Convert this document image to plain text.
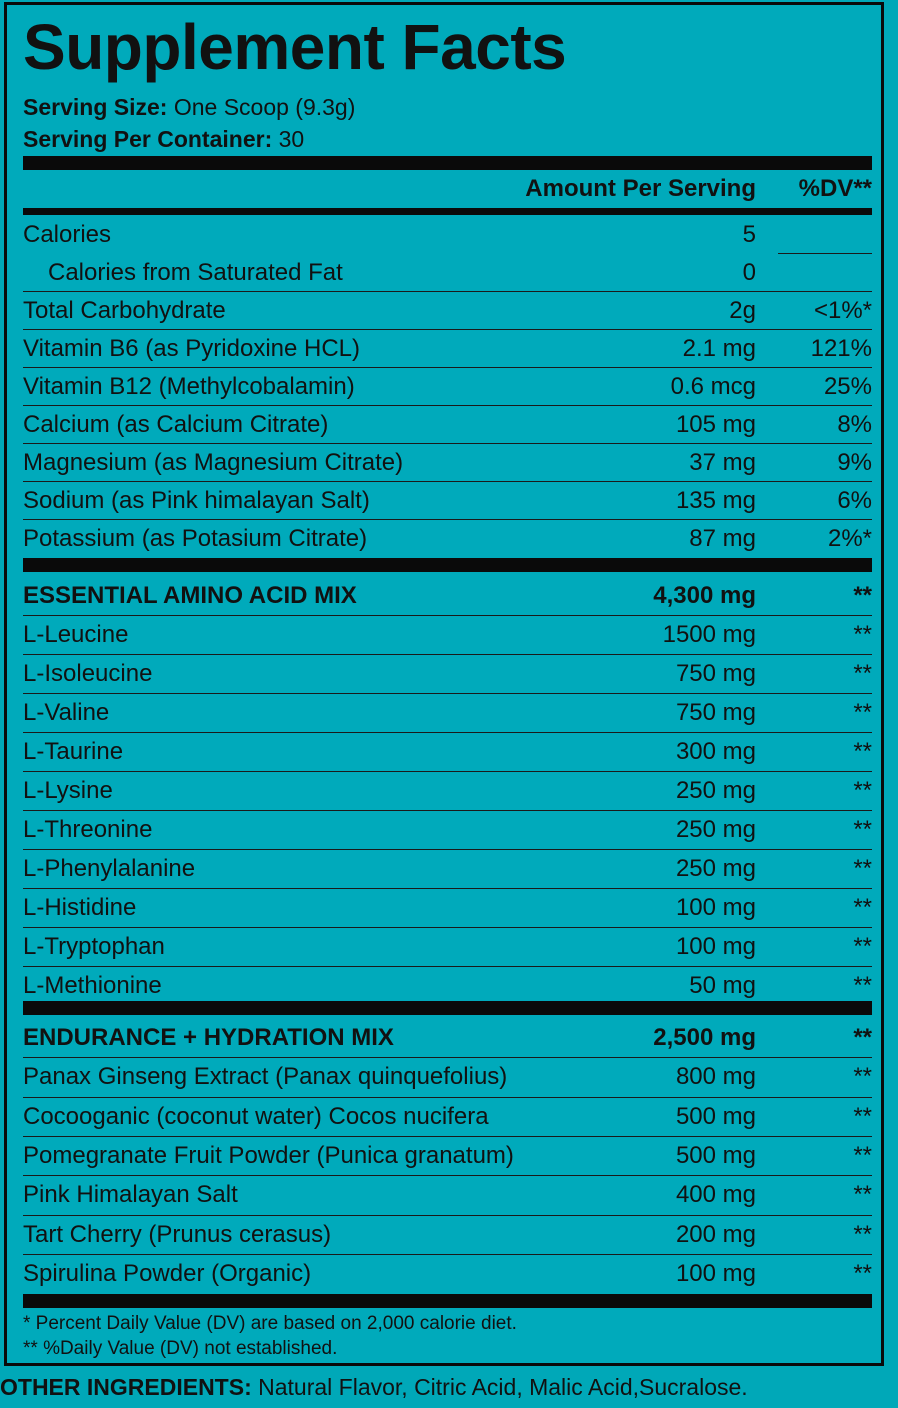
Supplement Facts
Serving Size: One Scoop (9.3g)
Serving Per Container: 30
Amount Per Serving %DV**
Calories	5
Calories from Saturated Fat	0
Total Carbohydrate	2g <1%*
Vitamin B6 (as Pyridoxine HCL)	2.1 mg 121%
Vitamin B12 (Methylcobalamin)	0.6 mcg	25%
Calcium (as Calcium Citrate)	105 mg	8%
Magnesium (as Magnesium Citrate)	37 mg	9%
Sodium (as Pink himalayan Salt)	135 mg	6%
Potassium (as Potasium Citrate)	87 mg	2%*
ESSENTIAL AMINO ACID MIX	4,300 mg	**
L-Leucine	1500 mg	**
L-Isoleucine	750 mg	**
L-Valine	750 mg	**
L-Taurine	300 mg	**
L-Lysine	250 mg	**
L-Threonine	250 mg	**
L-Phenylalanine	250 mg	**
L-Histidine	100 mg	**
L-Tryptophan	100 mg	**
L-Methionine	50 mg	**
ENDURANCE + HYDRATION MIX	2,500 mg	**
Panax Ginseng Extract (Panax quinquefolius)	800 mg	**
Cocooganic (coconut water) Cocos nucifera	500 mg	**
Pomegranate Fruit Powder (Punica granatum)	500 mg	**
Pink Himalayan Salt	400 mg	**
Tart Cherry (Prunus cerasus)	200 mg	**
Spirulina Powder (Organic)	100 mg	**
* Percent Daily Value (DV) are based on 2,000 calorie diet.
** %Daily Value (DV) not established.
OTHER INGREDIENTS: Natural Flavor, Citric Acid, Malic Acid,Sucralose.
